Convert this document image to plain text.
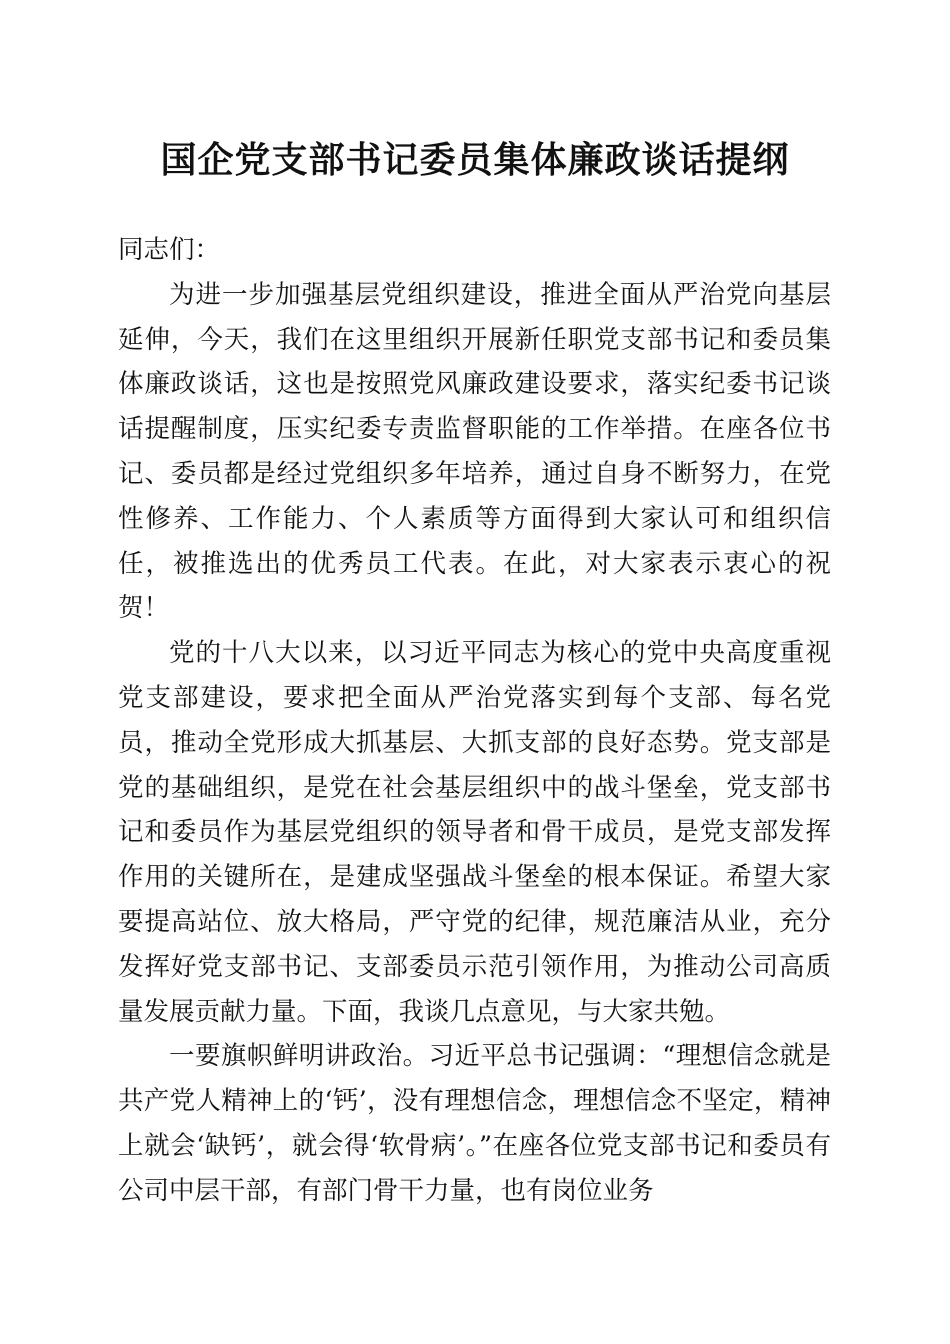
国企党支部书记委员集体廉政谈话提纲

同志们：

为进一步加强基层党组织建设，推进全面从严治党向基层延伸，今天，我们在这里组织开展新任职党支部书记和委员集体廉政谈话，这也是按照党风廉政建设要求，落实纪委书记谈话提醒制度，压实纪委专责监督职能的工作举措。在座各位书记、委员都是经过党组织多年培养，通过自身不断努力，在党性修养、工作能力、个人素质等方面得到大家认可和组织信任，被推选出的优秀员工代表。在此，对大家表示衷心的祝贺！

党的十八大以来，以习近平同志为核心的党中央高度重视党支部建设，要求把全面从严治党落实到每个支部、每名党员，推动全党形成大抓基层、大抓支部的良好态势。党支部是党的基础组织，是党在社会基层组织中的战斗堡垒，党支部书记和委员作为基层党组织的领导者和骨干成员，是党支部发挥作用的关键所在，是建成坚强战斗堡垒的根本保证。希望大家要提高站位、放大格局，严守党的纪律，规范廉洁从业，充分发挥好党支部书记、支部委员示范引领作用，为推动公司高质量发展贡献力量。下面，我谈几点意见，与大家共勉。

一要旗帜鲜明讲政治。习近平总书记强调：“理想信念就是共产党人精神上的‘钙’，没有理想信念，理想信念不坚定，精神上就会‘缺钙’，就会得‘软骨病’。”在座各位党支部书记和委员有公司中层干部，有部门骨干力量，也有岗位业务
